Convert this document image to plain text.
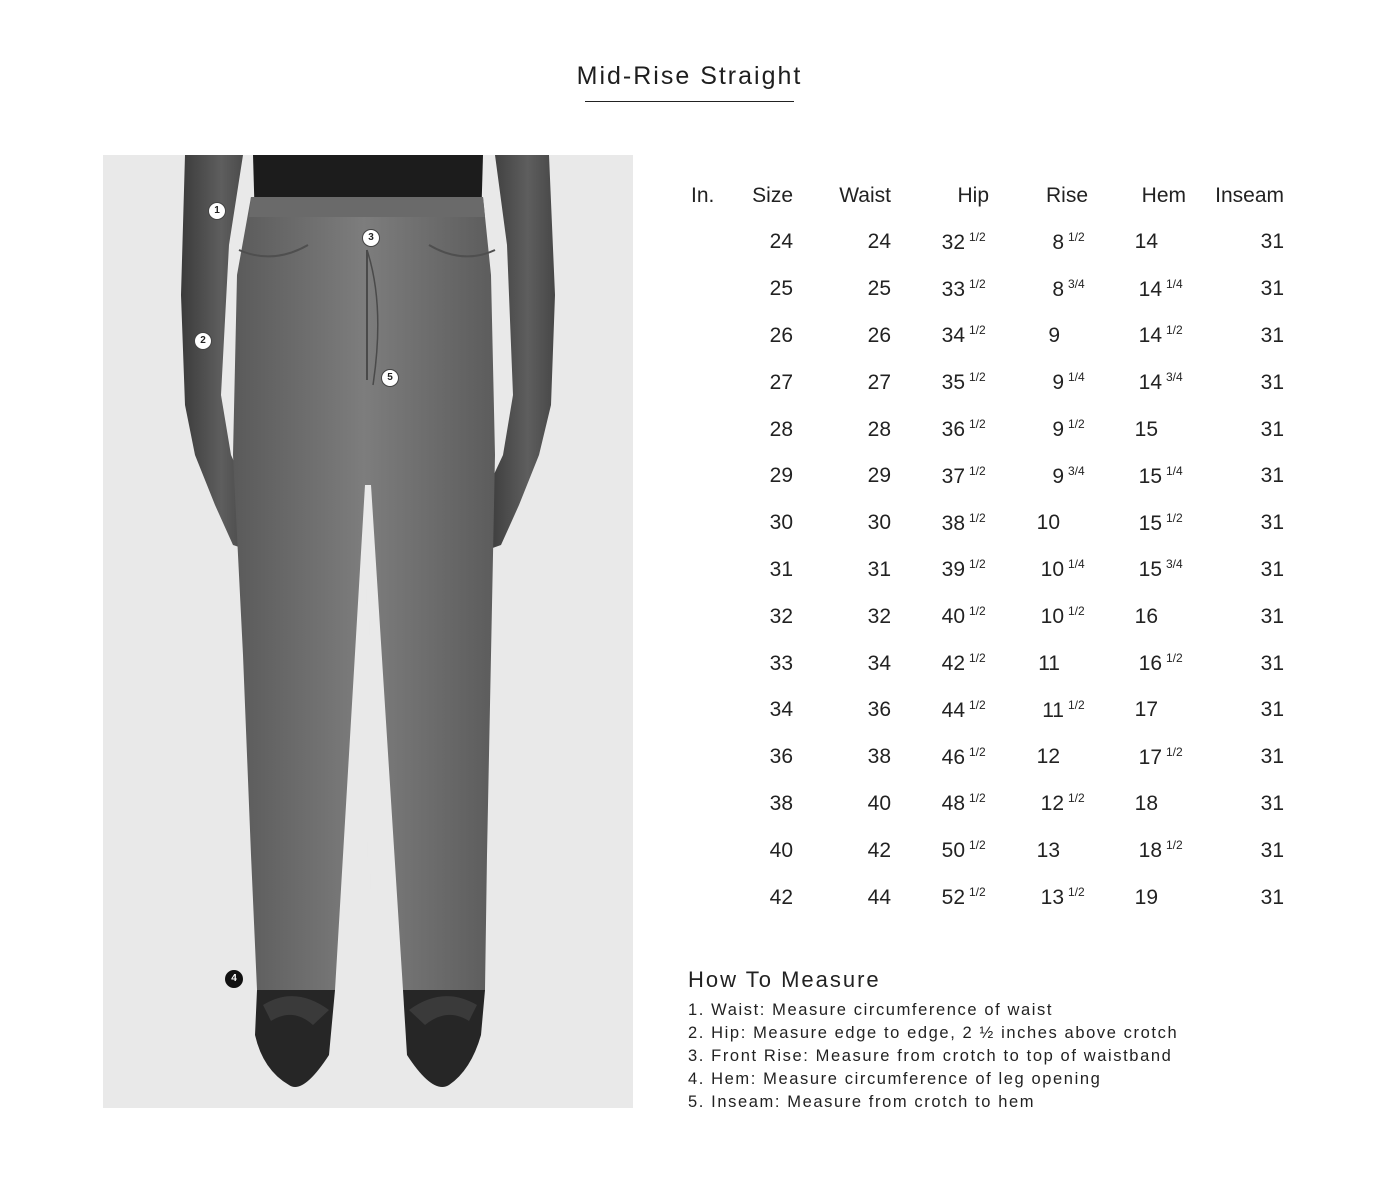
Mid-Rise Straight
1
2
3
4
5
In.	Size	Waist	Hip	Rise	Hem	Inseam
	24	24	32 1/2	8 1/2	14	31
	25	25	33 1/2	8 3/4	14 1/4	31
	26	26	34 1/2	9	14 1/2	31
	27	27	35 1/2	9 1/4	14 3/4	31
	28	28	36 1/2	9 1/2	15	31
	29	29	37 1/2	9 3/4	15 1/4	31
	30	30	38 1/2	10	15 1/2	31
	31	31	39 1/2	10 1/4	15 3/4	31
	32	32	40 1/2	10 1/2	16	31
	33	34	42 1/2	11	16 1/2	31
	34	36	44 1/2	11 1/2	17	31
	36	38	46 1/2	12	17 1/2	31
	38	40	48 1/2	12 1/2	18	31
	40	42	50 1/2	13	18 1/2	31
	42	44	52 1/2	13 1/2	19	31
How To Measure
1. Waist: Measure circumference of waist
2. Hip: Measure edge to edge, 2 ½ inches above crotch
3. Front Rise: Measure from crotch to top of waistband
4. Hem: Measure circumference of leg opening
5. Inseam: Measure from crotch to hem
